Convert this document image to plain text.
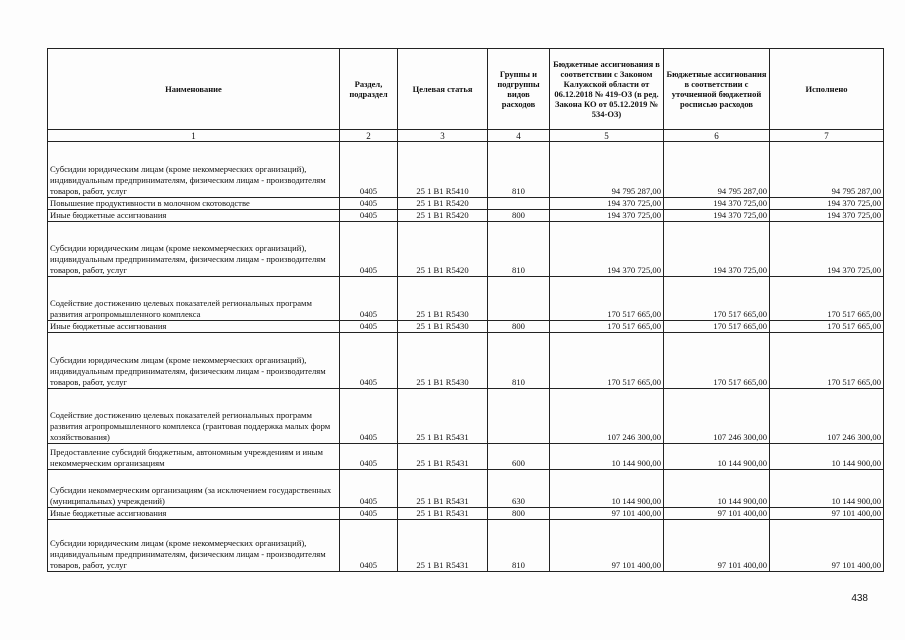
Наименование	Раздел, подраздел	Целевая статья	Группы и подгруппы видов расходов	Бюджетные ассигнования в соответствии с Законом Калужской области от 06.12.2018 № 419-ОЗ (в ред. Закона КО от 05.12.2019 № 534-ОЗ)	Бюджетные ассигнования в соответствии с уточненной бюджетной росписью расходов	Исполнено
1	2	3	4	5	6	7
Субсидии юридическим лицам (кроме некоммерческих организаций), индивидуальным предпринимателям, физическим лицам - производителям товаров, работ, услуг	0405	25 1 B1 R5410	810	94 795 287,00	94 795 287,00	94 795 287,00
Повышение продуктивности в молочном скотоводстве	0405	25 1 B1 R5420		194 370 725,00	194 370 725,00	194 370 725,00
Иные бюджетные ассигнования	0405	25 1 B1 R5420	800	194 370 725,00	194 370 725,00	194 370 725,00
Субсидии юридическим лицам (кроме некоммерческих организаций), индивидуальным предпринимателям, физическим лицам - производителям товаров, работ, услуг	0405	25 1 B1 R5420	810	194 370 725,00	194 370 725,00	194 370 725,00
Содействие достижению целевых показателей региональных программ развития агропромышленного комплекса	0405	25 1 B1 R5430		170 517 665,00	170 517 665,00	170 517 665,00
Иные бюджетные ассигнования	0405	25 1 B1 R5430	800	170 517 665,00	170 517 665,00	170 517 665,00
Субсидии юридическим лицам (кроме некоммерческих организаций), индивидуальным предпринимателям, физическим лицам - производителям товаров, работ, услуг	0405	25 1 B1 R5430	810	170 517 665,00	170 517 665,00	170 517 665,00
Содействие достижению целевых показателей региональных программ развития агропромышленного комплекса (грантовая поддержка малых форм хозяйствования)	0405	25 1 B1 R5431		107 246 300,00	107 246 300,00	107 246 300,00
Предоставление субсидий бюджетным, автономным учреждениям и иным некоммерческим организациям	0405	25 1 B1 R5431	600	10 144 900,00	10 144 900,00	10 144 900,00
Субсидии некоммерческим организациям (за исключением государственных (муниципальных) учреждений)	0405	25 1 B1 R5431	630	10 144 900,00	10 144 900,00	10 144 900,00
Иные бюджетные ассигнования	0405	25 1 B1 R5431	800	97 101 400,00	97 101 400,00	97 101 400,00
Субсидии юридическим лицам (кроме некоммерческих организаций), индивидуальным предпринимателям, физическим лицам - производителям товаров, работ, услуг	0405	25 1 B1 R5431	810	97 101 400,00	97 101 400,00	97 101 400,00
438
